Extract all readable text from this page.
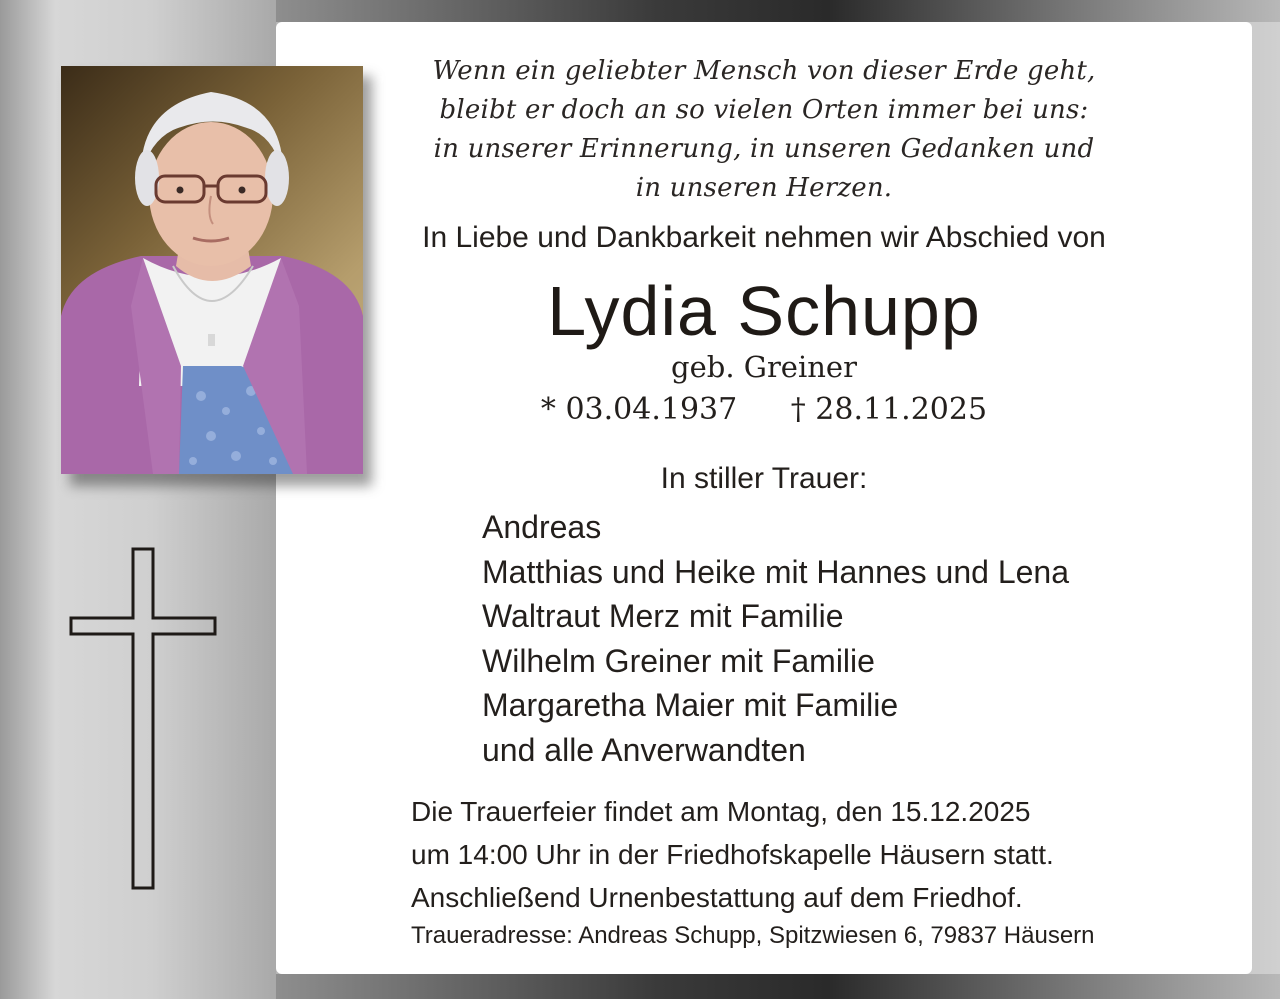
Wenn ein geliebter Mensch von dieser Erde geht,
bleibt er doch an so vielen Orten immer bei uns:
in unserer Erinnerung, in unseren Gedanken und
in unseren Herzen.
In Liebe und Dankbarkeit nehmen wir Abschied von
Lydia Schupp
geb. Greiner
* 03.04.1937 † 28.11.2025
In stiller Trauer:
Andreas
Matthias und Heike mit Hannes und Lena
Waltraut Merz mit Familie
Wilhelm Greiner mit Familie
Margaretha Maier mit Familie
und alle Anverwandten
Die Trauerfeier findet am Montag, den 15.12.2025
um 14:00 Uhr in der Friedhofskapelle Häusern statt.
Anschließend Urnenbestattung auf dem Friedhof.
Traueradresse: Andreas Schupp, Spitzwiesen 6, 79837 Häusern
